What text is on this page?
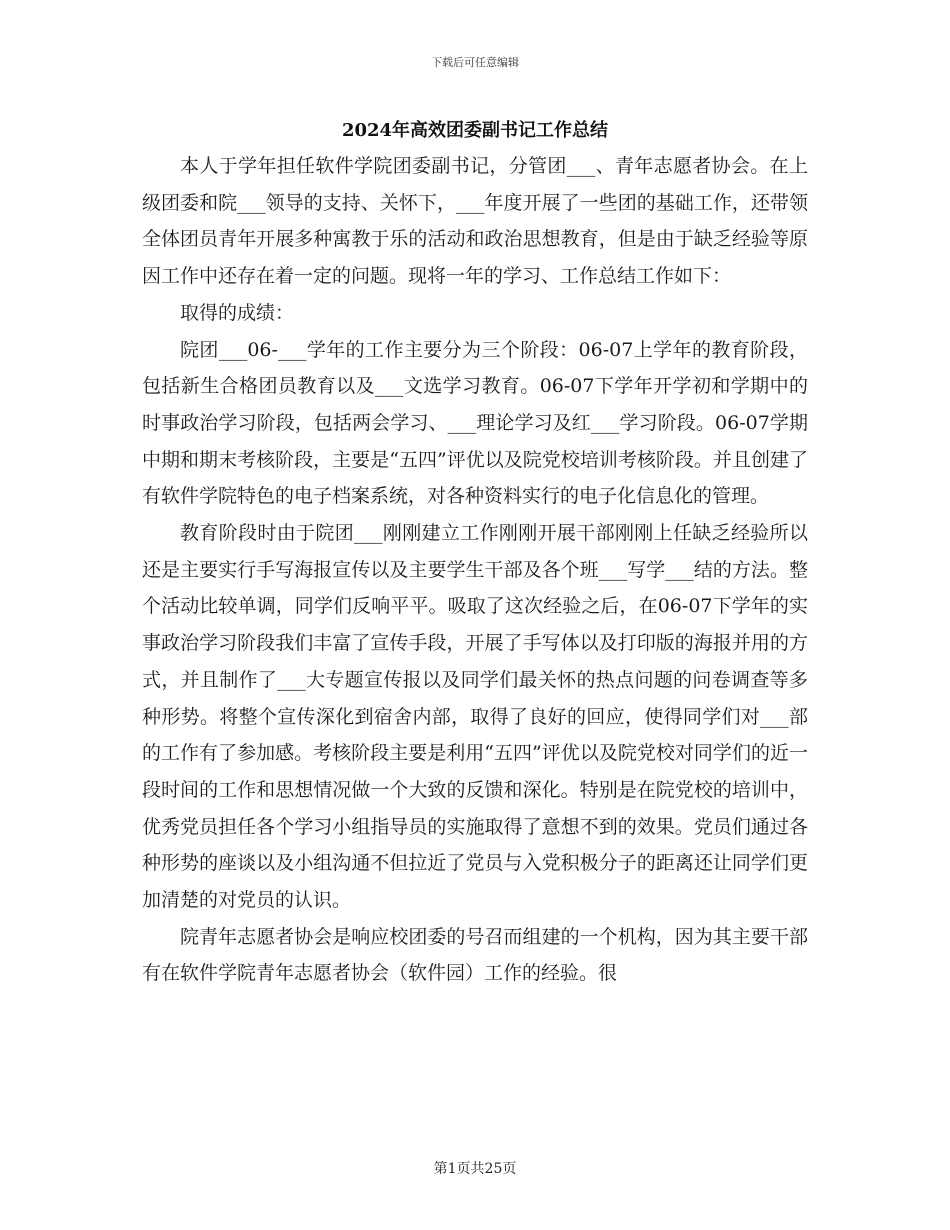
下载后可任意编辑
2024年高效团委副书记工作总结

本人于学年担任软件学院团委副书记，分管团___、青年志愿者协会。在上级团委和院___领导的支持、关怀下，___年度开展了一些团的基础工作，还带领全体团员青年开展多种寓教于乐的活动和政治思想教育，但是由于缺乏经验等原因工作中还存在着一定的问题。现将一年的学习、工作总结工作如下：

取得的成绩：

院团___06-___学年的工作主要分为三个阶段：06-07上学年的教育阶段，包括新生合格团员教育以及___文选学习教育。06-07下学年开学初和学期中的时事政治学习阶段，包括两会学习、___理论学习及红___学习阶段。06-07学期中期和期末考核阶段，主要是“五四”评优以及院党校培训考核阶段。并且创建了有软件学院特色的电子档案系统，对各种资料实行的电子化信息化的管理。

教育阶段时由于院团___刚刚建立工作刚刚开展干部刚刚上任缺乏经验所以还是主要实行手写海报宣传以及主要学生干部及各个班___写学___结的方法。整个活动比较单调，同学们反响平平。吸取了这次经验之后，在06-07下学年的实事政治学习阶段我们丰富了宣传手段，开展了手写体以及打印版的海报并用的方式，并且制作了___大专题宣传报以及同学们最关怀的热点问题的问卷调查等多种形势。将整个宣传深化到宿舍内部，取得了良好的回应，使得同学们对___部的工作有了参加感。考核阶段主要是利用“五四”评优以及院党校对同学们的近一段时间的工作和思想情况做一个大致的反馈和深化。特别是在院党校的培训中，优秀党员担任各个学习小组指导员的实施取得了意想不到的效果。党员们通过各种形势的座谈以及小组沟通不但拉近了党员与入党积极分子的距离还让同学们更加清楚的对党员的认识。

院青年志愿者协会是响应校团委的号召而组建的一个机构，因为其主要干部有在软件学院青年志愿者协会（软件园）工作的经验。很

第1页共25页
